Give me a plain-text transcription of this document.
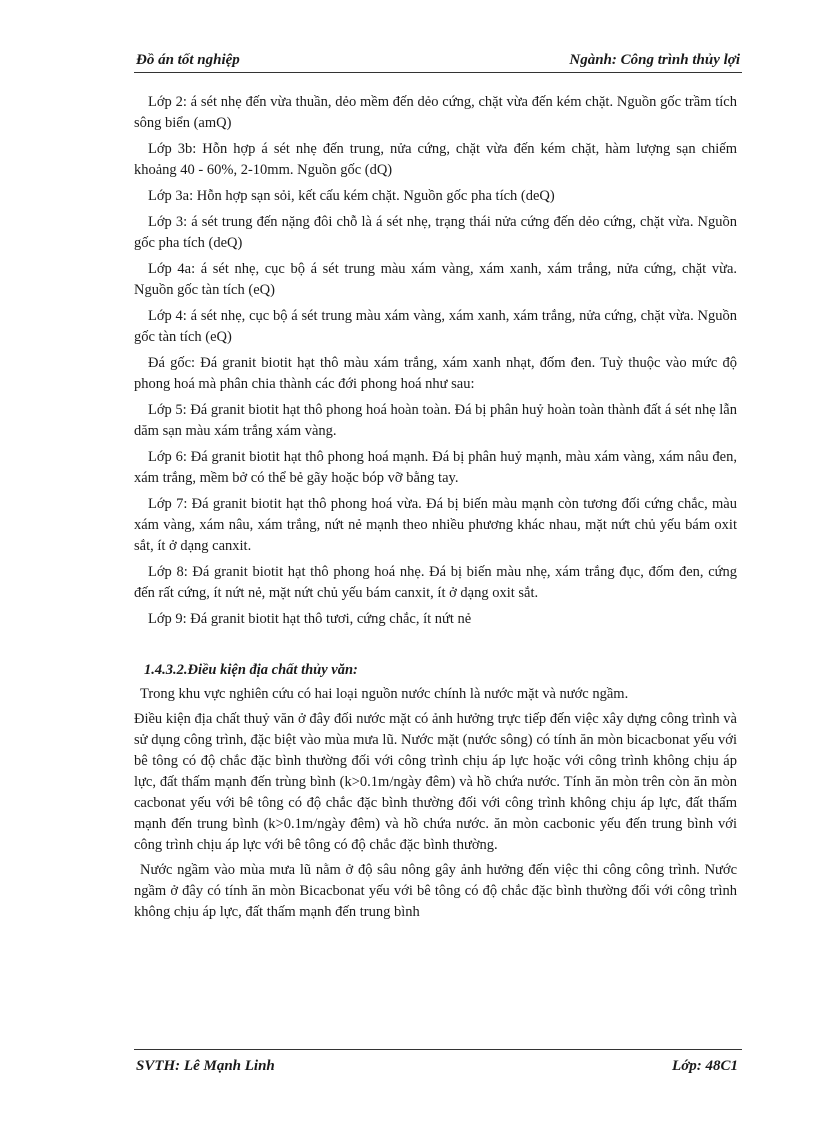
Đồ án tốt nghiệp	Ngành: Công trình thủy lợi

Lớp 2: á sét nhẹ đến vừa thuần, dẻo mềm đến dẻo cứng, chặt vừa đến kém chặt. Nguồn gốc trầm tích sông biển (amQ)

Lớp 3b: Hỗn hợp á sét nhẹ đến trung, nửa cứng, chặt vừa đến kém chặt, hàm lượng sạn chiếm khoảng 40 - 60%, 2-10mm. Nguồn gốc (dQ)

Lớp 3a: Hỗn hợp sạn sỏi, kết cấu kém chặt. Nguồn gốc pha tích (deQ)

Lớp 3: á sét trung đến nặng đôi chỗ là á sét nhẹ, trạng thái nửa cứng đến dẻo cứng, chặt vừa. Nguồn gốc pha tích (deQ)

Lớp 4a: á sét nhẹ, cục bộ á sét trung màu xám vàng, xám xanh, xám trắng, nửa cứng, chặt vừa. Nguồn gốc tàn tích (eQ)

Lớp 4: á sét nhẹ, cục bộ á sét trung màu xám vàng, xám xanh, xám trắng, nửa cứng, chặt vừa. Nguồn gốc tàn tích (eQ)

Đá gốc: Đá granit biotit hạt thô màu xám trắng, xám xanh nhạt, đốm đen. Tuỳ thuộc vào mức độ phong hoá mà phân chia thành các đới phong hoá như sau:

Lớp 5: Đá granit biotit hạt thô phong hoá hoàn toàn. Đá bị phân huỷ hoàn toàn thành đất á sét nhẹ lẫn dăm sạn màu xám trắng xám vàng.

Lớp 6: Đá granit biotit hạt thô phong hoá mạnh. Đá bị phân huỷ mạnh, màu xám vàng, xám nâu đen, xám trắng, mềm bở có thể bẻ gãy hoặc bóp vỡ bằng tay.

Lớp 7: Đá granit biotit hạt thô phong hoá vừa. Đá bị biến màu mạnh còn tương đối cứng chắc, màu xám vàng, xám nâu, xám trắng, nứt nẻ mạnh theo nhiều phương khác nhau, mặt nứt chủ yếu bám oxit sắt, ít ở dạng canxit.

Lớp 8: Đá granit biotit hạt thô phong hoá nhẹ. Đá bị biến màu nhẹ, xám trắng đục, đốm đen, cứng đến rất cứng, ít nứt nẻ, mặt nứt chủ yếu bám canxit, ít ở dạng oxit sắt.

Lớp 9: Đá granit biotit hạt thô tươi, cứng chắc, ít nứt nẻ

1.4.3.2.Điều kiện địa chất thủy văn:

Trong khu vực nghiên cứu có hai loại nguồn nước chính là nước mặt và nước ngầm.

Điều kiện địa chất thuỷ văn ở đây đối nước mặt có ảnh hưởng trực tiếp đến việc xây dựng công trình và sử dụng công trình, đặc biệt vào mùa mưa lũ. Nước mặt (nước sông) có tính ăn mòn bicacbonat yếu với bê tông có độ chắc đặc bình thường đối với công trình chịu áp lực hoặc với công trình không chịu áp lực, đất thấm mạnh đến trùng bình (k>0.1m/ngày đêm) và hồ chứa nước. Tính ăn mòn trên còn ăn mòn cacbonat yếu với bê tông có độ chắc đặc bình thường đối với công trình không chịu áp lực, đất thấm mạnh đến trung bình (k>0.1m/ngày đêm) và hồ chứa nước. ăn mòn cacbonic yếu đến trung bình với công trình chịu áp lực với bê tông có độ chắc đặc bình thường.

Nước ngầm vào mùa mưa lũ nằm ở độ sâu nông gây ảnh hưởng đến việc thi công công trình. Nước ngầm ở đây có tính ăn mòn Bicacbonat yếu với bê tông có độ chắc đặc bình thường đối với công trình không chịu áp lực, đất thấm mạnh đến trung bình

SVTH: Lê Mạnh Linh	Lớp: 48C1
